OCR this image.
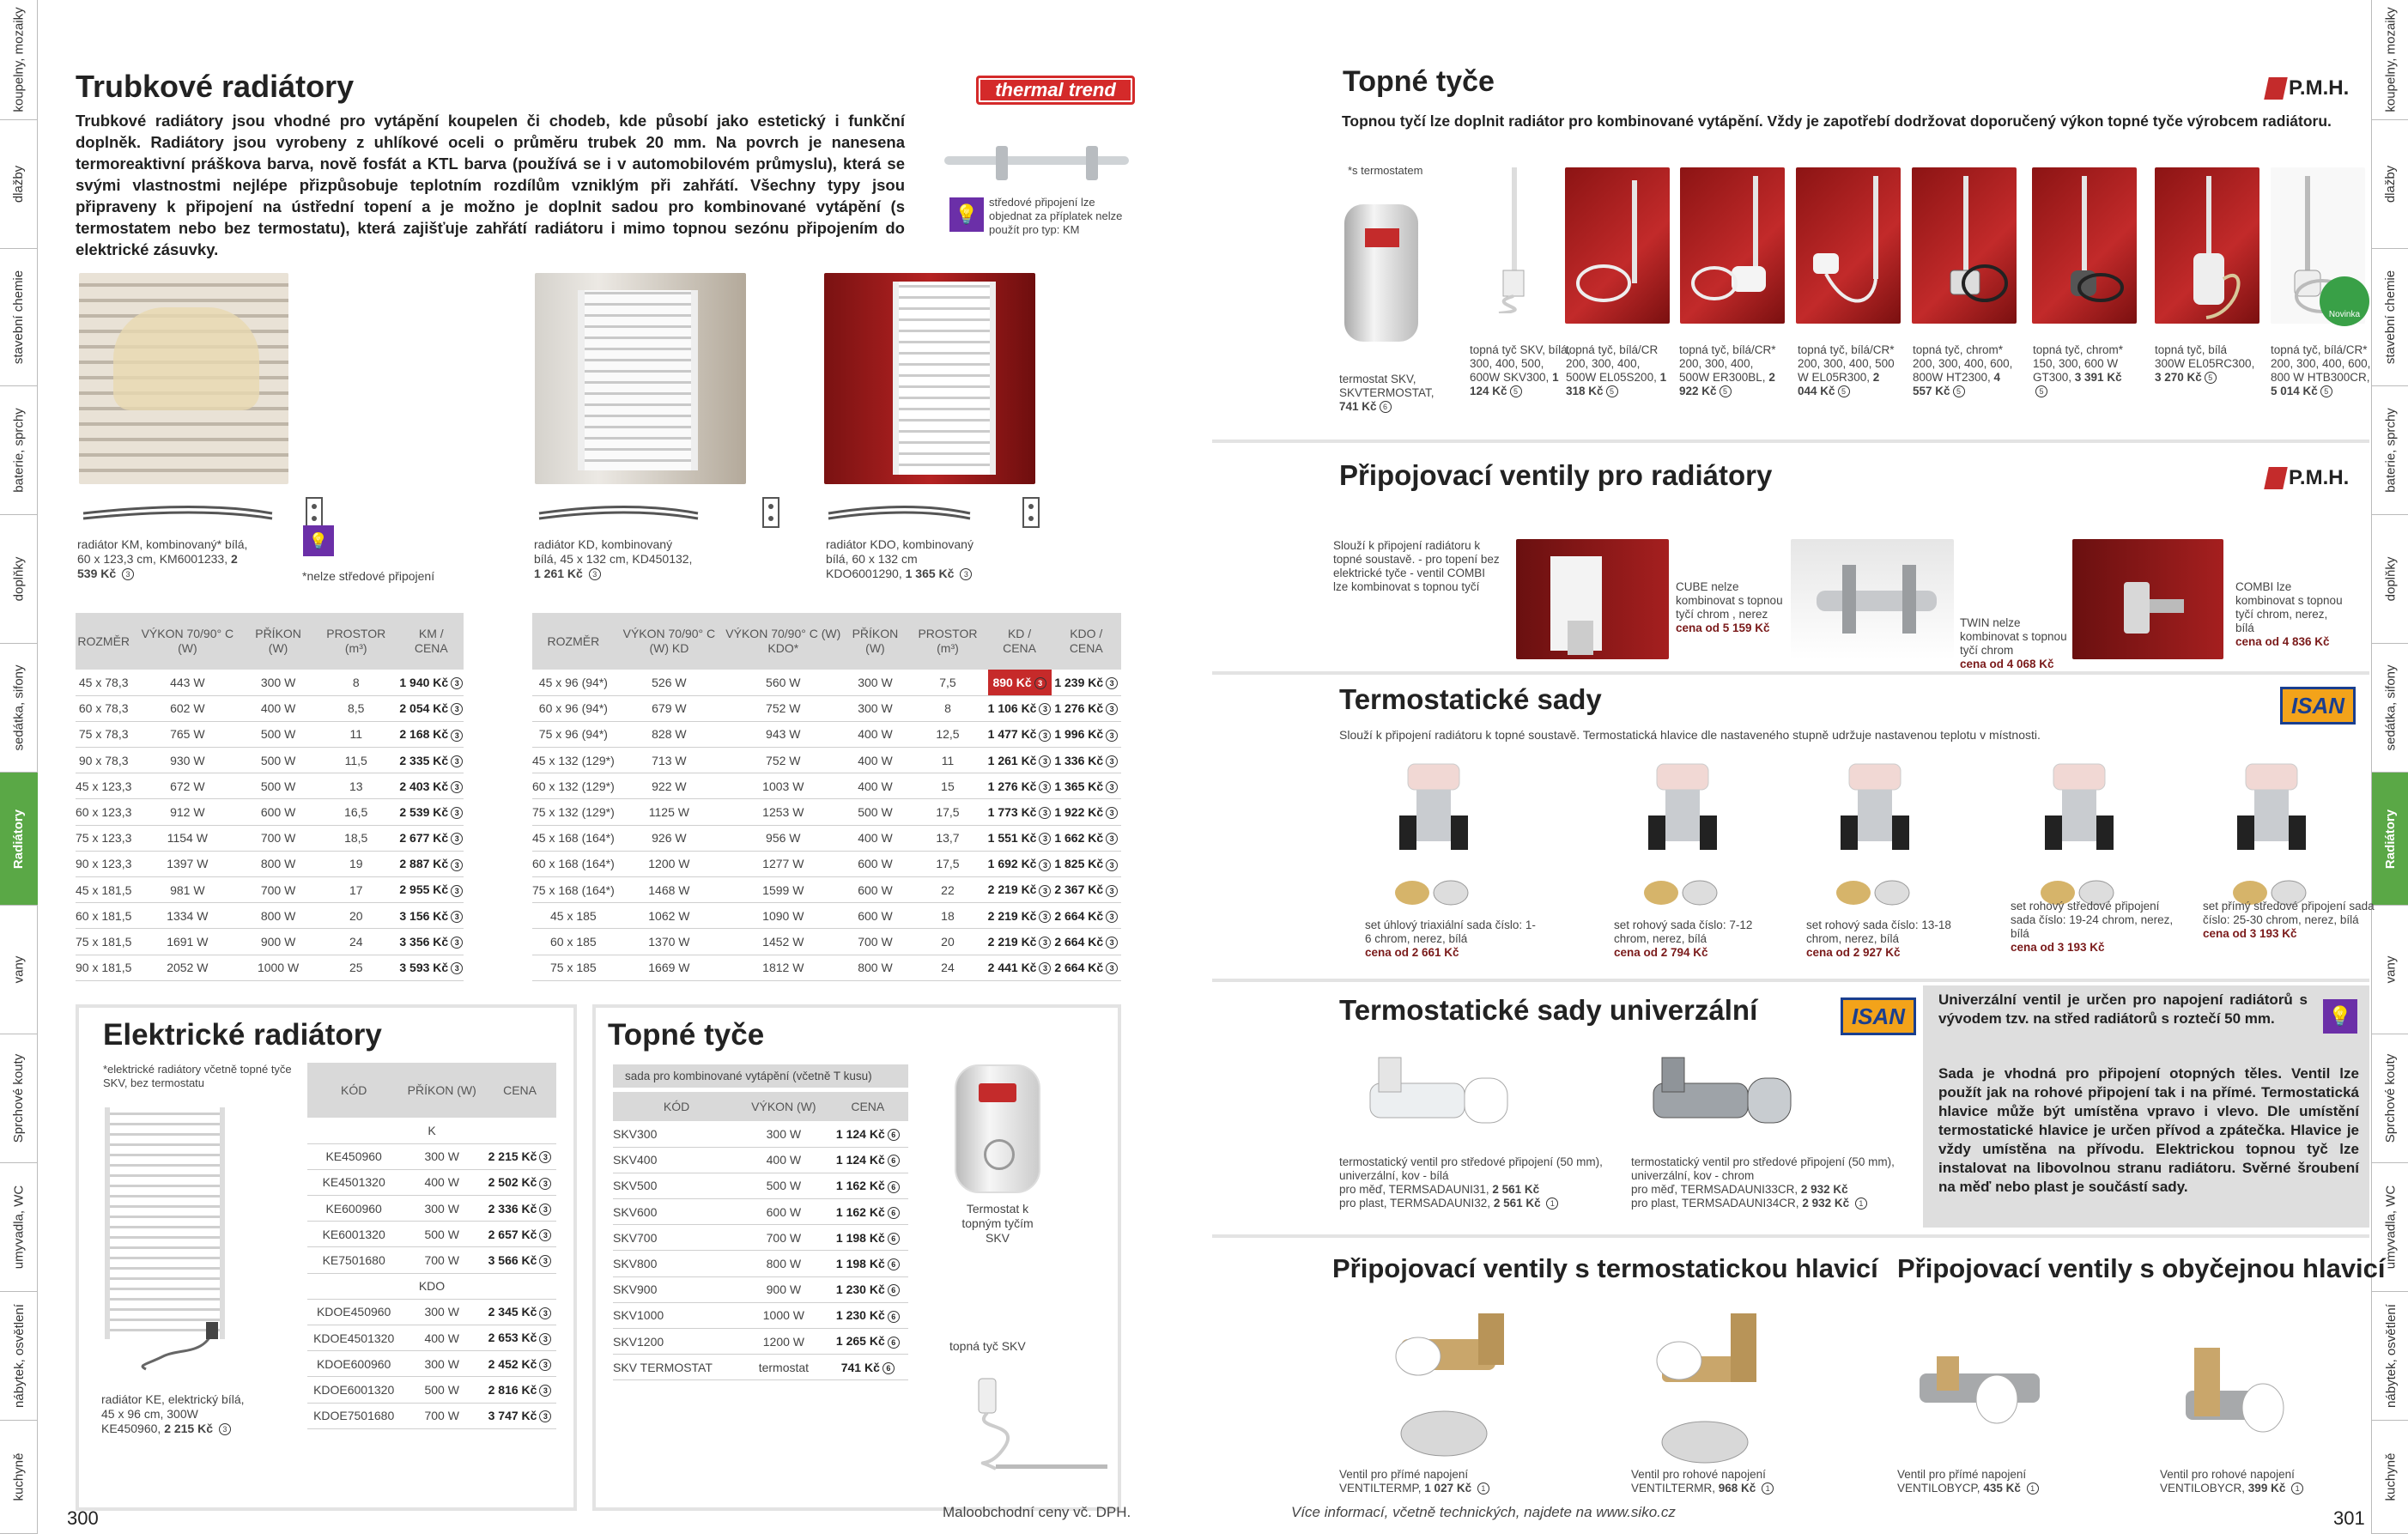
koupelny, mozaiky
dlažby
stavební chemie
baterie, sprchy
doplňky
sedátka, sifony
Radiátory
vany
Sprchové kouty
umyvadla, WC
nábytek, osvětlení
kuchyně
koupelny, mozaiky
dlažby
stavební chemie
baterie, sprchy
doplňky
sedátka, sifony
Radiátory
vany
Sprchové kouty
umyvadla, WC
nábytek, osvětlení
kuchyně
Trubkové radiátory	thermal trend
Trubkové radiátory jsou vhodné pro vytápění koupelen či chodeb, kde působí jako estetický i funkční doplněk. Radiátory jsou vyrobeny z uhlíkové oceli o průměru trubek 20 mm. Na povrch je nanesena termoreaktivní práškova barva, nově fosfát a KTL barva (používá se i v automobilovém průmyslu), která se svými vlastnostmi nejlépe přizpůsobuje teplotním rozdílům vzniklým při zahřátí. Všechny typy jsou připraveny k připojení na ústřední topení a je možno je doplnit sadou pro kombinované vytápění (s termostatem nebo bez termostatu), která zajišťuje zahřátí radiátoru i mimo topnou sezónu připojením do elektrické zásuvky.
💡
středové připojení lze objednat za příplatek nelze použít pro typ: KM
💡
radiátor KM, kombinovaný* bílá, 60 x 123,3 cm, KM6001233, 2 539 Kč 3	*nelze středové připojení
radiátor KD, kombinovaný bílá, 45 x 132 cm, KD450132, 1 261 Kč 3
radiátor KDO, kombinovaný bílá, 60 x 132 cm KDO6001290, 1 365 Kč 3
ROZMĚR	VÝKON 70/90° C (W)	PŘÍKON (W)	PROSTOR (m³)	KM / CENA
45 x 78,3	443 W	300 W	8	1 940 Kč 3
60 x 78,3	602 W	400 W	8,5	2 054 Kč 3
75 x 78,3	765 W	500 W	11	2 168 Kč 3
90 x 78,3	930 W	500 W	11,5	2 335 Kč 3
45 x 123,3	672 W	500 W	13	2 403 Kč 3
60 x 123,3	912 W	600 W	16,5	2 539 Kč 3
75 x 123,3	1154 W	700 W	18,5	2 677 Kč 3
90 x 123,3	1397 W	800 W	19	2 887 Kč 3
45 x 181,5	981 W	700 W	17	2 955 Kč 3
60 x 181,5	1334 W	800 W	20	3 156 Kč 3
75 x 181,5	1691 W	900 W	24	3 356 Kč 3
90 x 181,5	2052 W	1000 W	25	3 593 Kč 3
ROZMĚR	VÝKON 70/90° C (W) KD	VÝKON 70/90° C (W) KDO*	PŘÍKON (W)	PROSTOR (m³)	KD / CENA	KDO / CENA
45 x 96 (94*)	526 W	560 W	300 W	7,5	890 Kč 3	1 239 Kč 3
60 x 96 (94*)	679 W	752 W	300 W	8	1 106 Kč 3	1 276 Kč 3
75 x 96 (94*)	828 W	943 W	400 W	12,5	1 477 Kč 3	1 996 Kč 3
45 x 132 (129*)	713 W	752 W	400 W	11	1 261 Kč 3	1 336 Kč 3
60 x 132 (129*)	922 W	1003 W	400 W	15	1 276 Kč 3	1 365 Kč 3
75 x 132 (129*)	1125 W	1253 W	500 W	17,5	1 773 Kč 3	1 922 Kč 3
45 x 168 (164*)	926 W	956 W	400 W	13,7	1 551 Kč 3	1 662 Kč 3
60 x 168 (164*)	1200 W	1277 W	600 W	17,5	1 692 Kč 3	1 825 Kč 3
75 x 168 (164*)	1468 W	1599 W	600 W	22	2 219 Kč 3	2 367 Kč 3
45 x 185	1062 W	1090 W	600 W	18	2 219 Kč 3	2 664 Kč 3
60 x 185	1370 W	1452 W	700 W	20	2 219 Kč 3	2 664 Kč 3
75 x 185	1669 W	1812 W	800 W	24	2 441 Kč 3	2 664 Kč 3
Elektrické radiátory
*elektrické radiátory včetně topné tyče SKV, bez termostatu
radiátor KE, elektrický bílá, 45 x 96 cm, 300W KE450960, 2 215 Kč 3
KÓD	PŘÍKON (W)	CENA
K		
KE450960	300 W	2 215 Kč 3
KE4501320	400 W	2 502 Kč 3
KE600960	300 W	2 336 Kč 3
KE6001320	500 W	2 657 Kč 3
KE7501680	700 W	3 566 Kč 3
KDO		
KDOE450960	300 W	2 345 Kč 3
KDOE4501320	400 W	2 653 Kč 3
KDOE600960	300 W	2 452 Kč 3
KDOE6001320	500 W	2 816 Kč 3
KDOE7501680	700 W	3 747 Kč 3
Topné tyče
sada pro kombinované vytápění (včetně T kusu)
KÓD	VÝKON (W)	CENA
SKV300	300 W	1 124 Kč 6
SKV400	400 W	1 124 Kč 6
SKV500	500 W	1 162 Kč 6
SKV600	600 W	1 162 Kč 6
SKV700	700 W	1 198 Kč 6
SKV800	800 W	1 198 Kč 6
SKV900	900 W	1 230 Kč 6
SKV1000	1000 W	1 230 Kč 6
SKV1200	1200 W	1 265 Kč 6
SKV TERMOSTAT	termostat	741 Kč 6
Termostat k topným tyčím SKV
topná tyč SKV
300	Maloobchodní ceny vč. DPH.
Topné tyče	P.M.H.
Topnou tyčí lze doplnit radiátor pro kombinované vytápění. Vždy je zapotřebí dodržovat doporučený výkon topné tyče výrobcem radiátoru.
*s termostatem
Novinka
termostat SKV, SKVTERMOSTAT, 741 Kč 6
topná tyč SKV, bílá, 300, 400, 500, 600W SKV300, 1 124 Kč 5
topná tyč, bílá/CR 200, 300, 400, 500W EL05S200, 1 318 Kč 5
topná tyč, bílá/CR* 200, 300, 400, 500W ER300BL, 2 922 Kč 5
topná tyč, bílá/CR* 200, 300, 400, 500 W EL05R300, 2 044 Kč 5
topná tyč, chrom* 200, 300, 400, 600, 800W HT2300, 4 557 Kč 5
topná tyč, chrom* 150, 300, 600 W GT300, 3 391 Kč5
topná tyč, bílá 300W EL05RC300, 3 270 Kč 5
topná tyč, bílá/CR* 200, 300, 400, 600, 800 W HTB300CR, 5 014 Kč 5
Připojovací ventily pro radiátory	P.M.H.
Slouží k připojení radiátoru k topné soustavě. - pro topení bez elektrické tyče - ventil COMBI lze kombinovat s topnou tyčí	CUBE nelze kombinovat s topnou tyčí chrom , nerez
cena od 5 159 Kč	TWIN nelze kombinovat s topnou tyčí chrom
cena od 4 068 Kč
COMBI lze kombinovat s topnou tyčí chrom, nerez, bílá
cena od 4 836 Kč
Termostatické sady	ISAN
Slouží k připojení radiátoru k topné soustavě. Termostatická hlavice dle nastaveného stupně udržuje nastavenou teplotu v místnosti.
set úhlový triaxiální sada číslo: 1-6 chrom, nerez, bílá
cena od 2 661 Kč
set rohový sada číslo: 7-12 chrom, nerez, bílá
cena od 2 794 Kč
set rohový sada číslo: 13-18 chrom, nerez, bílá
cena od 2 927 Kč
set rohový středové připojení sada číslo: 19-24 chrom, nerez, bílá
cena od 3 193 Kč
set přímý středové připojení sada číslo: 25-30 chrom, nerez, bílá
cena od 3 193 Kč
Termostatické sady univerzální	ISAN
Univerzální ventil je určen pro napojení radiátorů s vývodem tzv. na střed radiátorů s roztečí 50 mm.	💡
Sada je vhodná pro připojení otopných těles. Ventil lze použít jak na rohové připojení tak i na přímé. Termostatická hlavice může být umístěna vpravo i vlevo. Dle umístění termostatické hlavice je určen přívod a zpátečka. Hlavice je vždy umístěna na přívodu. Elektrickou topnou tyč lze instalovat na libovolnou stranu radiátoru. Svěrné šroubení na měď nebo plast je součástí sady.
termostatický ventil pro středové připojení (50 mm), univerzální, kov - bílá
pro měď, TERMSADAUNI31, 2 561 Kč
pro plast, TERMSADAUNI32, 2 561 Kč 1
termostatický ventil pro středové připojení (50 mm), univerzální, kov - chrom
pro měď, TERMSADAUNI33CR, 2 932 Kč
pro plast, TERMSADAUNI34CR, 2 932 Kč 1
Připojovací ventily s termostatickou hlavicí Připojovací ventily s obyčejnou hlavicí
Ventil pro přímé napojení VENTILTERMP, 1 027 Kč 1
Ventil pro rohové napojení VENTILTERMR, 968 Kč 1
Ventil pro přímé napojení VENTILOBYCP, 435 Kč 1
Ventil pro rohové napojení VENTILOBYCR, 399 Kč 1
Více informací, včetně technických, najdete na www.siko.cz	301
